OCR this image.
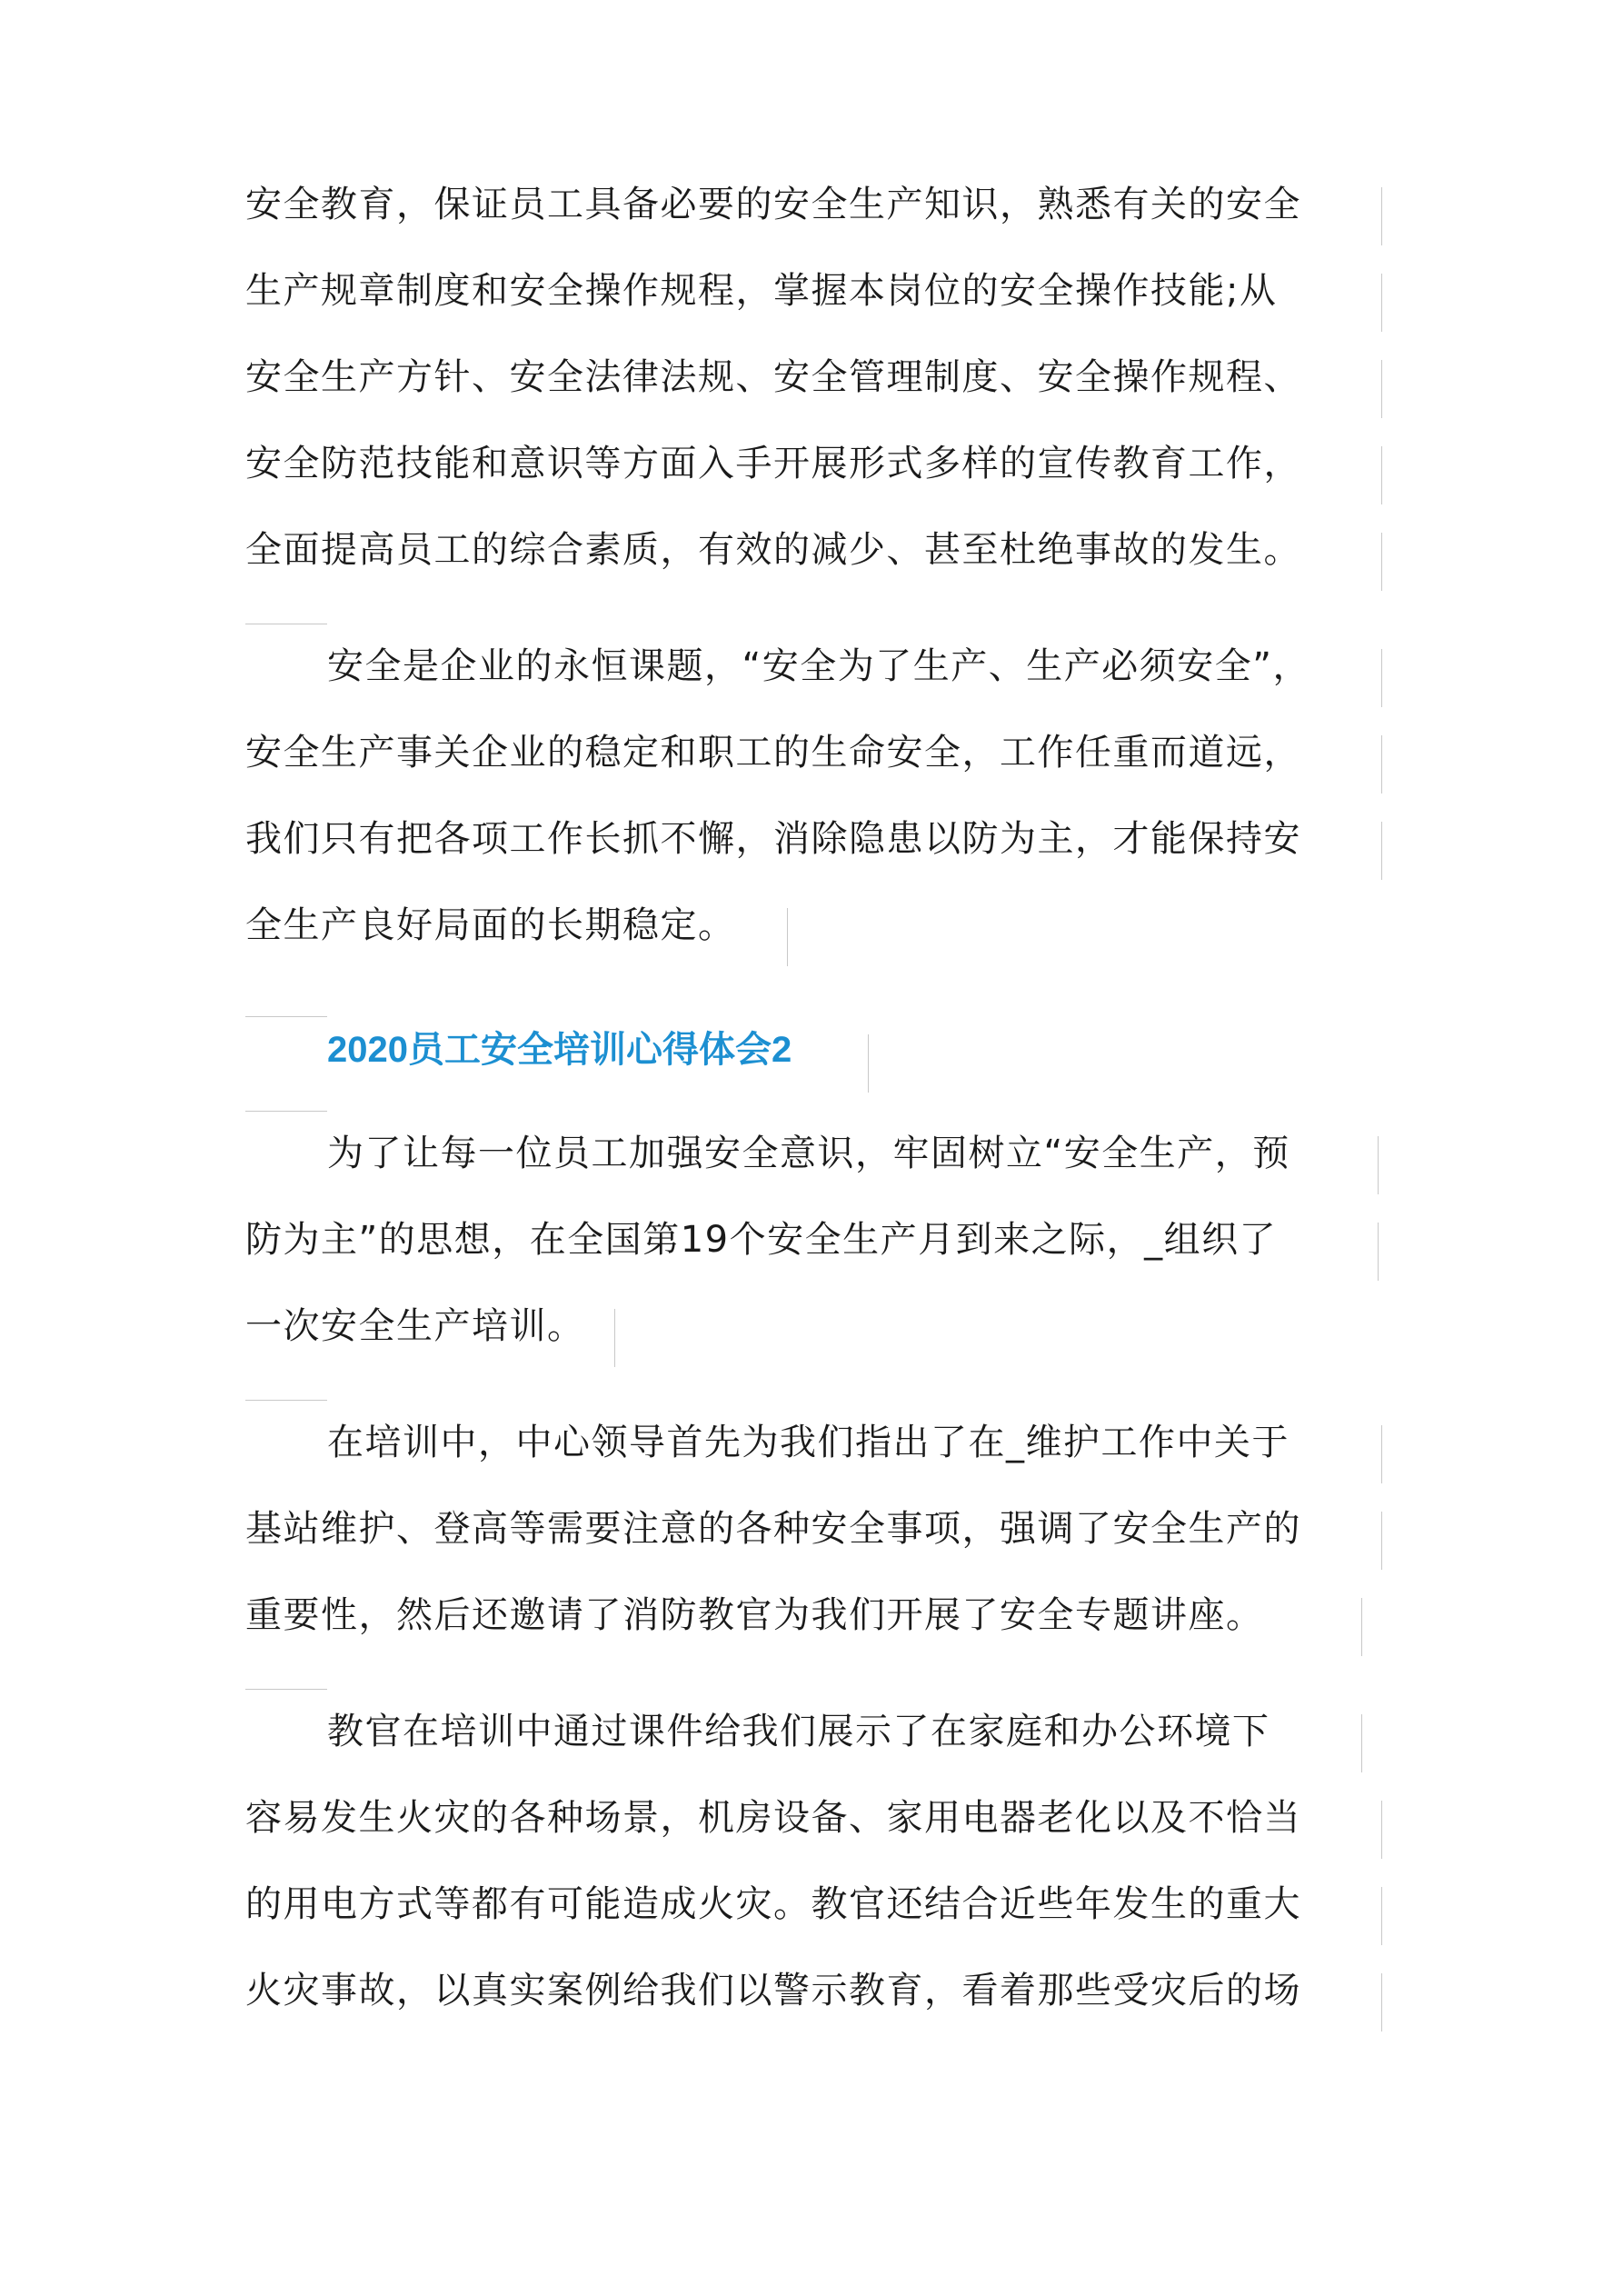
安全教育，保证员工具备必要的安全生产知识，熟悉有关的安全
生产规章制度和安全操作规程，掌握本岗位的安全操作技能;从
安全生产方针、安全法律法规、安全管理制度、安全操作规程、
安全防范技能和意识等方面入手开展形式多样的宣传教育工作，
全面提高员工的综合素质，有效的减少、甚至杜绝事故的发生。
安全是企业的永恒课题，“安全为了生产、生产必须安全”，
安全生产事关企业的稳定和职工的生命安全，工作任重而道远，
我们只有把各项工作长抓不懈，消除隐患以防为主，才能保持安
全生产良好局面的长期稳定。
2020员工安全培训心得体会2
为了让每一位员工加强安全意识，牢固树立“安全生产，预
防为主”的思想，在全国第19个安全生产月到来之际，_组织了
一次安全生产培训。
在培训中，中心领导首先为我们指出了在_维护工作中关于
基站维护、登高等需要注意的各种安全事项，强调了安全生产的
重要性，然后还邀请了消防教官为我们开展了安全专题讲座。
教官在培训中通过课件给我们展示了在家庭和办公环境下
容易发生火灾的各种场景，机房设备、家用电器老化以及不恰当
的用电方式等都有可能造成火灾。教官还结合近些年发生的重大
火灾事故，以真实案例给我们以警示教育，看着那些受灾后的场
